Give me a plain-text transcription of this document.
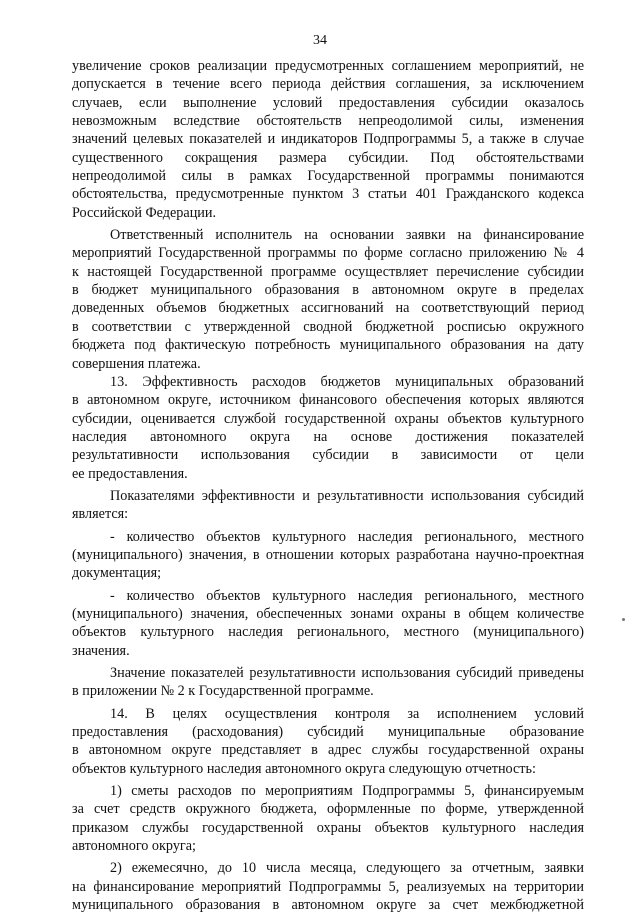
34
увеличение сроков реализации предусмотренных соглашением мероприятий, не
допускается в течение всего периода действия соглашения, за исключением
случаев, если выполнение условий предоставления субсидии оказалось
невозможным вследствие обстоятельств непреодолимой силы, изменения
значений целевых показателей и индикаторов Подпрограммы 5, а также в случае
существенного сокращения размера субсидии. Под обстоятельствами
непреодолимой силы в рамках Государственной программы понимаются
обстоятельства, предусмотренные пунктом 3 статьи 401 Гражданского кодекса
Российской Федерации.
Ответственный исполнитель на основании заявки на финансирование
мероприятий Государственной программы по форме согласно приложению № 4
к настоящей Государственной программе осуществляет перечисление субсидии
в бюджет муниципального образования в автономном округе в пределах
доведенных объемов бюджетных ассигнований на соответствующий период
в соответствии с утвержденной сводной бюджетной росписью окружного
бюджета под фактическую потребность муниципального образования на дату
совершения платежа.
13. Эффективность расходов бюджетов муниципальных образований
в автономном округе, источником финансового обеспечения которых являются
субсидии, оценивается службой государственной охраны объектов культурного
наследия автономного округа на основе достижения показателей
результативности использования субсидии в зависимости от цели
ее предоставления.
Показателями эффективности и результативности использования субсидий
является:
- количество объектов культурного наследия регионального, местного
(муниципального) значения, в отношении которых разработана научно-проектная
документация;
- количество объектов культурного наследия регионального, местного
(муниципального) значения, обеспеченных зонами охраны в общем количестве
объектов культурного наследия регионального, местного (муниципального)
значения.
Значение показателей результативности использования субсидий приведены
в приложении № 2 к Государственной программе.
14. В целях осуществления контроля за исполнением условий
предоставления (расходования) субсидий муниципальные образование
в автономном округе представляет в адрес службы государственной охраны
объектов культурного наследия автономного округа следующую отчетность:
1) сметы расходов по мероприятиям Подпрограммы 5, финансируемым
за счет средств окружного бюджета, оформленные по форме, утвержденной
приказом службы государственной охраны объектов культурного наследия
автономного округа;
2) ежемесячно, до 10 числа месяца, следующего за отчетным, заявки
на финансирование мероприятий Подпрограммы 5, реализуемых на территории
муниципального образования в автономном округе за счет межбюджетной
